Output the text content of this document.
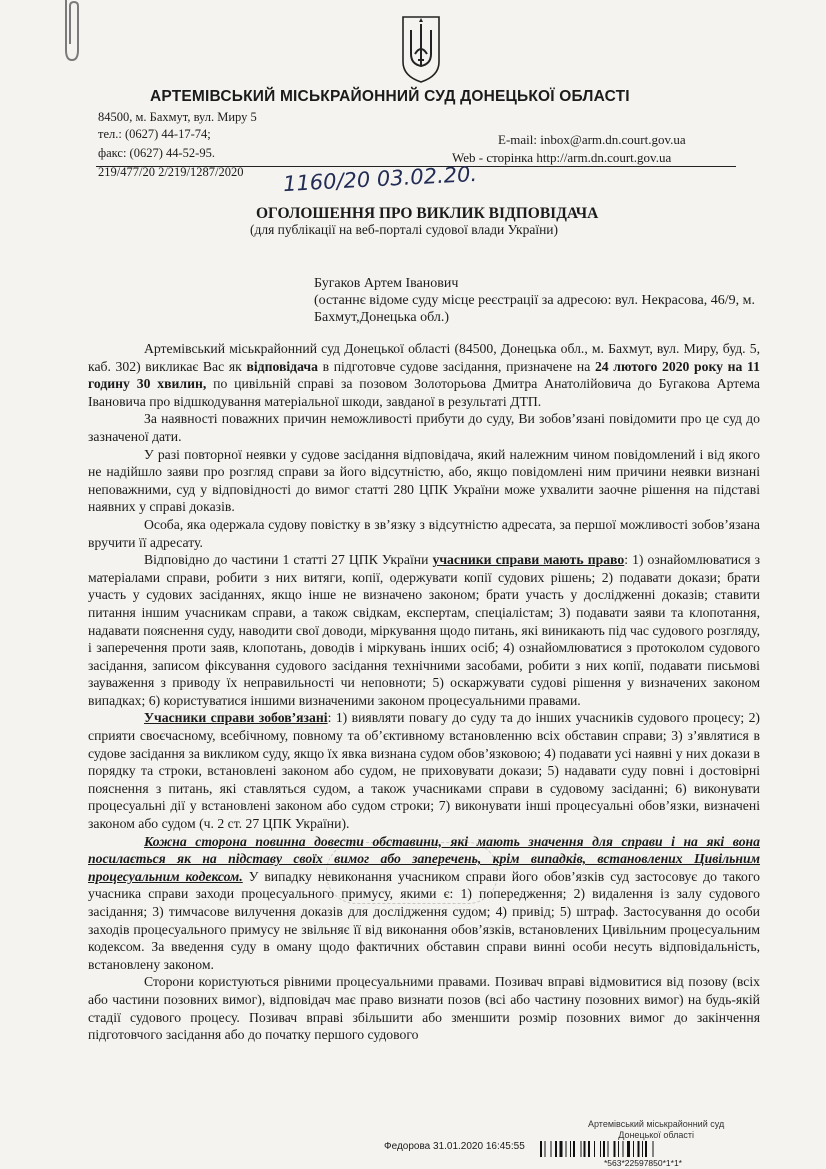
АРТЕМІВСЬКИЙ МІСЬКРАЙОННИЙ СУД ДОНЕЦЬКОЇ ОБЛАСТІ
84500, м. Бахмут, вул. Миру 5
тел.: (0627) 44-17-74;
факс: (0627) 44-52-95.
E-mail: inbox@arm.dn.court.gov.ua
Web - сторінка http://arm.dn.court.gov.ua
219/477/20 2/219/1287/2020 1160/20 03.02.20.
ОГОЛОШЕННЯ ПРО ВИКЛИК ВІДПОВІДАЧА
(для публікації на веб-порталі судової влади України)
Бугаков Артем Іванович
(останнє відоме суду місце реєстрації за адресою: вул. Некрасова, 46/9, м. Бахмут,Донецька обл.)

Артемівський міськрайонний суд Донецької області (84500, Донецька обл., м. Бахмут, вул. Миру, буд. 5, каб. 302) викликає Вас як відповідача в підготовче судове засідання, призначене на 24 лютого 2020 року на 11 годину 30 хвилин, по цивільній справі за позовом Золоторьова Дмитра Анатолійовича до Бугакова Артема Івановича про відшкодування матеріальної шкоди, завданої в результаті ДТП.

За наявності поважних причин неможливості прибути до суду, Ви зобов’язані повідомити про це суд до зазначеної дати.

У разі повторної неявки у судове засідання відповідача, який належним чином повідомлений і від якого не надійшло заяви про розгляд справи за його відсутністю, або, якщо повідомлені ним причини неявки визнані неповажними, суд у відповідності до вимог статті 280 ЦПК України може ухвалити заочне рішення на підставі наявних у справі доказів.

Особа, яка одержала судову повістку в зв’язку з відсутністю адресата, за першої можливості зобов’язана вручити її адресату.

Відповідно до частини 1 статті 27 ЦПК України учасники справи мають право: 1) ознайомлюватися з матеріалами справи, робити з них витяги, копії, одержувати копії судових рішень; 2) подавати докази; брати участь у судових засіданнях, якщо інше не визначено законом; брати участь у дослідженні доказів; ставити питання іншим учасникам справи, а також свідкам, експертам, спеціалістам; 3) подавати заяви та клопотання, надавати пояснення суду, наводити свої доводи, міркування щодо питань, які виникають під час судового розгляду, і заперечення проти заяв, клопотань, доводів і міркувань інших осіб; 4) ознайомлюватися з протоколом судового засідання, записом фіксування судового засідання технічними засобами, робити з них копії, подавати письмові зауваження з приводу їх неправильності чи неповноти; 5) оскаржувати судові рішення у визначених законом випадках; 6) користуватися іншими визначеними законом процесуальними правами.

Учасники справи зобов’язані: 1) виявляти повагу до суду та до інших учасників судового процесу; 2) сприяти своєчасному, всебічному, повному та об’єктивному встановленню всіх обставин справи; 3) з’являтися в судове засідання за викликом суду, якщо їх явка визнана судом обов’язковою; 4) подавати усі наявні у них докази в порядку та строки, встановлені законом або судом, не приховувати докази; 5) надавати суду повні і достовірні пояснення з питань, які ставляться судом, а також учасниками справи в судовому засіданні; 6) виконувати процесуальні дії у встановлені законом або судом строки; 7) виконувати інші процесуальні обов’язки, визначені законом або судом (ч. 2 ст. 27 ЦПК України).

Кожна сторона повинна довести обставини, які мають значення для справи і на які вона посилається як на підставу своїх вимог або заперечень, крім випадків, встановлених Цивільним процесуальним кодексом. У випадку невиконання учасником справи його обов’язків суд застосовує до такого учасника справи заходи процесуального примусу, якими є: 1) попередження; 2) видалення із залу судового засідання; 3) тимчасове вилучення доказів для дослідження судом; 4) привід; 5) штраф. Застосування до особи заходів процесуального примусу не звільняє її від виконання обов’язків, встановлених Цивільним процесуальним кодексом. За введення суду в оману щодо фактичних обставин справи винні особи несуть відповідальність, встановлену законом.

Сторони користуються рівними процесуальними правами. Позивач вправі відмовитися від позову (всіх або частини позовних вимог), відповідач має право визнати позов (всі або частину позовних вимог) на будь-якій стадії судового процесу. Позивач вправі збільшити або зменшити розмір позовних вимог до закінчення підготовчого засідання або до початку першого судового

Артемівський міськрайонний суд
Донецької області
Федорова 31.01.2020 16:45:55
*563*22597850*1*1*
